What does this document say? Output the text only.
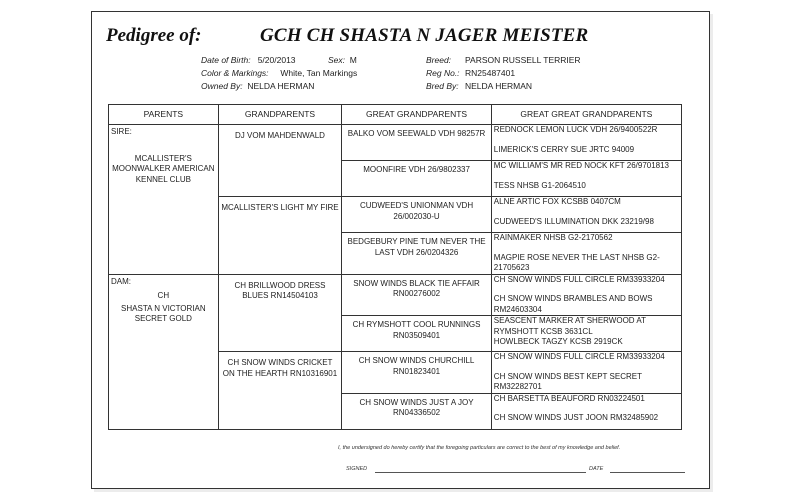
Pedigree of:	GCH CH SHASTA N JAGER MEISTER
Date of Birth: 5/20/2013	Sex: M	Breed: PARSON RUSSELL TERRIER
Color & Markings: White, Tan Markings	Reg No.: RN25487401
Owned By: NELDA HERMAN	Bred By: NELDA HERMAN
PARENTS	GRANDPARENTS	GREAT GRANDPARENTS	GREAT GREAT GRANDPARENTS

SIRE:
MCALLISTER'S MOONWALKER AMERICAN KENNEL CLUB	DJ VOM MAHDENWALD	BALKO VOM SEEWALD VDH 98257R	REDNOCK LEMON LUCK VDH 26/9400522R
LIMERICK'S CERRY SUE JRTC 94009

		MOONFIRE VDH 26/9802337	MC WILLIAM'S MR RED NOCK KFT 26/9701813
TESS NHSB G1-2064510

	MCALLISTER'S LIGHT MY FIRE	CUDWEED'S UNIONMAN VDH 26/002030-U	ALNE ARTIC FOX KCSBB 0407CM
CUDWEED'S ILLUMINATION DKK 23219/98

		BEDGEBURY PINE TUM NEVER THE LAST VDH 26/0204326	RAINMAKER NHSB G2-2170562
MAGPIE ROSE NEVER THE LAST NHSB G2-21705623

DAM:
CH
SHASTA N VICTORIAN SECRET GOLD	CH BRILLWOOD DRESS BLUES RN14504103	SNOW WINDS BLACK TIE AFFAIR RN00276002	CH SNOW WINDS FULL CIRCLE RM33933204
CH SNOW WINDS BRAMBLES AND BOWS RM24603304

		CH RYMSHOTT COOL RUNNINGS RN03509401	SEASCENT MARKER AT SHERWOOD AT RYMSHOTT KCSB 3631CL
HOWLBECK TAGZY KCSB 2919CK

	CH SNOW WINDS CRICKET ON THE HEARTH RN10316901	CH SNOW WINDS CHURCHILL RN01823401	CH SNOW WINDS FULL CIRCLE RM33933204
CH SNOW WINDS BEST KEPT SECRET RM32282701

		CH SNOW WINDS JUST A JOY RN04336502	CH BARSETTA BEAUFORD RN03224501
CH SNOW WINDS JUST JOON RM32485902
I, the undersigned do hereby certify that the foregoing particulars are correct to the best of my knowledge and belief.
SIGNED	DATE
